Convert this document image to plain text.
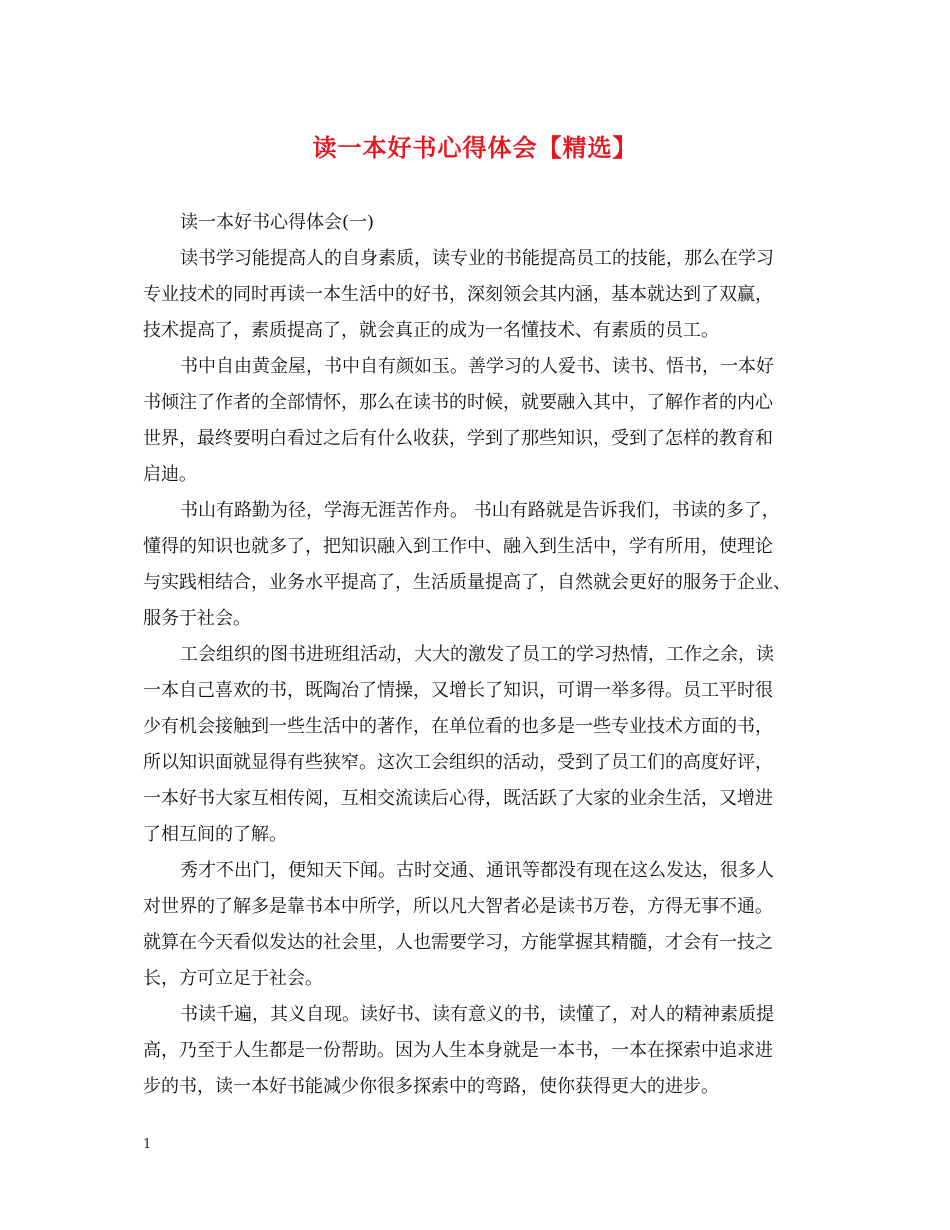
读一本好书心得体会【精选】
读一本好书心得体会(一)
读书学习能提高人的自身素质，读专业的书能提高员工的技能，那么在学习
专业技术的同时再读一本生活中的好书，深刻领会其内涵，基本就达到了双赢，
技术提高了，素质提高了，就会真正的成为一名懂技术、有素质的员工。
书中自由黄金屋，书中自有颜如玉。善学习的人爱书、读书、悟书，一本好
书倾注了作者的全部情怀，那么在读书的时候，就要融入其中，了解作者的内心
世界，最终要明白看过之后有什么收获，学到了那些知识，受到了怎样的教育和
启迪。
书山有路勤为径，学海无涯苦作舟。 书山有路就是告诉我们，书读的多了，
懂得的知识也就多了，把知识融入到工作中、融入到生活中，学有所用，使理论
与实践相结合，业务水平提高了，生活质量提高了，自然就会更好的服务于企业、
服务于社会。
工会组织的图书进班组活动，大大的激发了员工的学习热情，工作之余，读
一本自己喜欢的书，既陶冶了情操，又增长了知识，可谓一举多得。员工平时很
少有机会接触到一些生活中的著作，在单位看的也多是一些专业技术方面的书，
所以知识面就显得有些狭窄。这次工会组织的活动，受到了员工们的高度好评，
一本好书大家互相传阅，互相交流读后心得，既活跃了大家的业余生活，又增进
了相互间的了解。
秀才不出门，便知天下闻。古时交通、通讯等都没有现在这么发达，很多人
对世界的了解多是靠书本中所学，所以凡大智者必是读书万卷，方得无事不通。
就算在今天看似发达的社会里，人也需要学习，方能掌握其精髓，才会有一技之
长，方可立足于社会。
书读千遍，其义自现。读好书、读有意义的书，读懂了，对人的精神素质提
高，乃至于人生都是一份帮助。因为人生本身就是一本书，一本在探索中追求进
步的书，读一本好书能减少你很多探索中的弯路，使你获得更大的进步。
1
